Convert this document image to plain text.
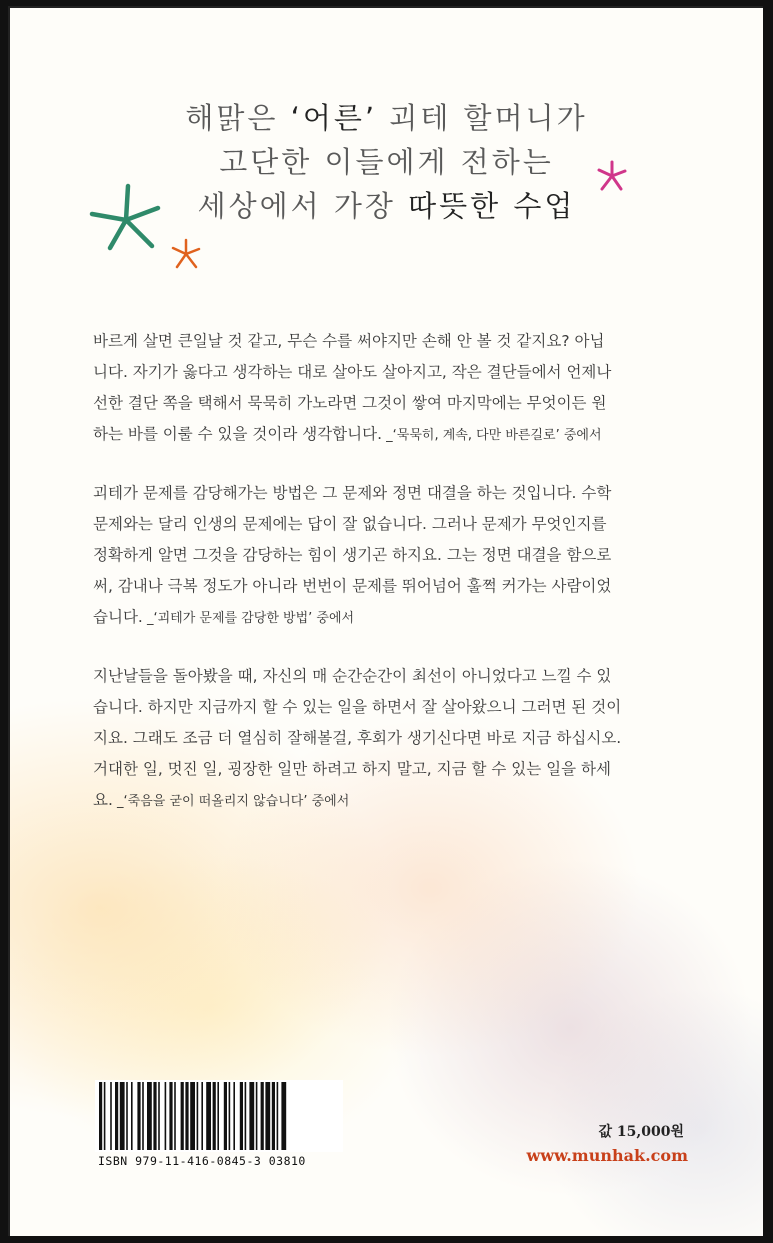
해맑은 ‘어른’ 괴테 할머니가
고단한 이들에게 전하는
세상에서 가장 따뜻한 수업
바르게 살면 큰일날 것 같고, 무슨 수를 써야지만 손해 안 볼 것 같지요? 아닙
니다. 자기가 옳다고 생각하는 대로 살아도 살아지고, 작은 결단들에서 언제나
선한 결단 쪽을 택해서 묵묵히 가노라면 그것이 쌓여 마지막에는 무엇이든 원
하는 바를 이룰 수 있을 것이라 생각합니다. _‘묵묵히, 계속, 다만 바른길로’ 중에서
괴테가 문제를 감당해가는 방법은 그 문제와 정면 대결을 하는 것입니다. 수학
문제와는 달리 인생의 문제에는 답이 잘 없습니다. 그러나 문제가 무엇인지를
정확하게 알면 그것을 감당하는 힘이 생기곤 하지요. 그는 정면 대결을 함으로
써, 감내나 극복 정도가 아니라 번번이 문제를 뛰어넘어 훌쩍 커가는 사람이었
습니다. _‘괴테가 문제를 감당한 방법’ 중에서
지난날들을 돌아봤을 때, 자신의 매 순간순간이 최선이 아니었다고 느낄 수 있
습니다. 하지만 지금까지 할 수 있는 일을 하면서 잘 살아왔으니 그러면 된 것이
지요. 그래도 조금 더 열심히 잘해볼걸, 후회가 생기신다면 바로 지금 하십시오.
거대한 일, 멋진 일, 굉장한 일만 하려고 하지 말고, 지금 할 수 있는 일을 하세
요. _‘죽음을 굳이 떠올리지 않습니다’ 중에서
ISBN 979-11-416-0845-3 03810
값 15,000원
www.munhak.com
